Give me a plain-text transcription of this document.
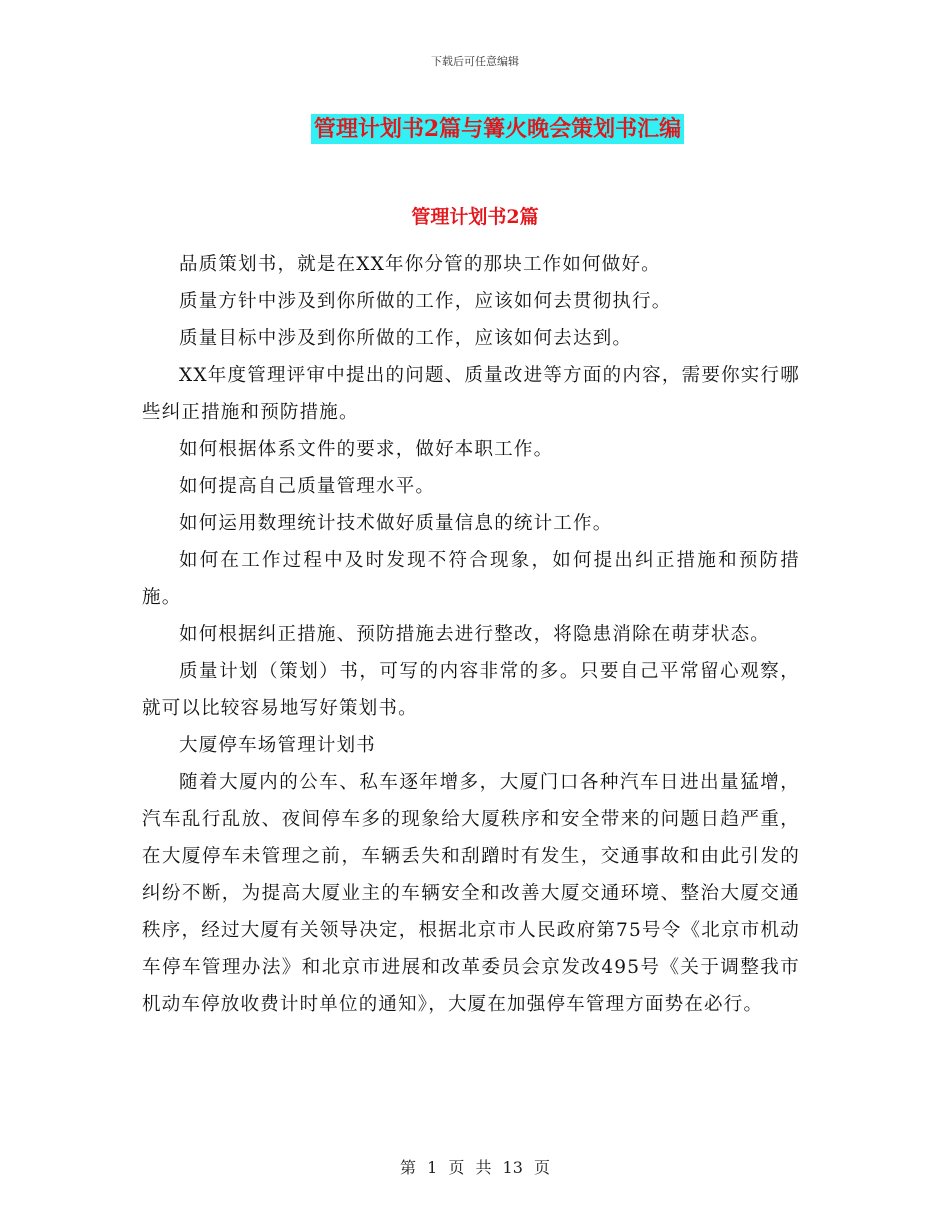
下载后可任意编辑
管理计划书2篇与篝火晚会策划书汇编
管理计划书2篇

品质策划书，就是在XX年你分管的那块工作如何做好。

质量方针中涉及到你所做的工作，应该如何去贯彻执行。

质量目标中涉及到你所做的工作，应该如何去达到。

XX年度管理评审中提出的问题、质量改进等方面的内容，需要你实行哪些纠正措施和预防措施。

如何根据体系文件的要求，做好本职工作。

如何提高自己质量管理水平。

如何运用数理统计技术做好质量信息的统计工作。

如何在工作过程中及时发现不符合现象，如何提出纠正措施和预防措施。

如何根据纠正措施、预防措施去进行整改，将隐患消除在萌芽状态。

质量计划（策划）书，可写的内容非常的多。只要自己平常留心观察，就可以比较容易地写好策划书。

大厦停车场管理计划书

随着大厦内的公车、私车逐年增多，大厦门口各种汽车日进出量猛增，汽车乱行乱放、夜间停车多的现象给大厦秩序和安全带来的问题日趋严重，在大厦停车未管理之前，车辆丢失和刮蹭时有发生，交通事故和由此引发的纠纷不断，为提高大厦业主的车辆安全和改善大厦交通环境、整治大厦交通秩序，经过大厦有关领导决定，根据北京市人民政府第75号令《北京市机动车停车管理办法》和北京市进展和改革委员会京发改495号《关于调整我市机动车停放收费计时单位的通知》，大厦在加强停车管理方面势在必行。

第 1 页 共 13 页
